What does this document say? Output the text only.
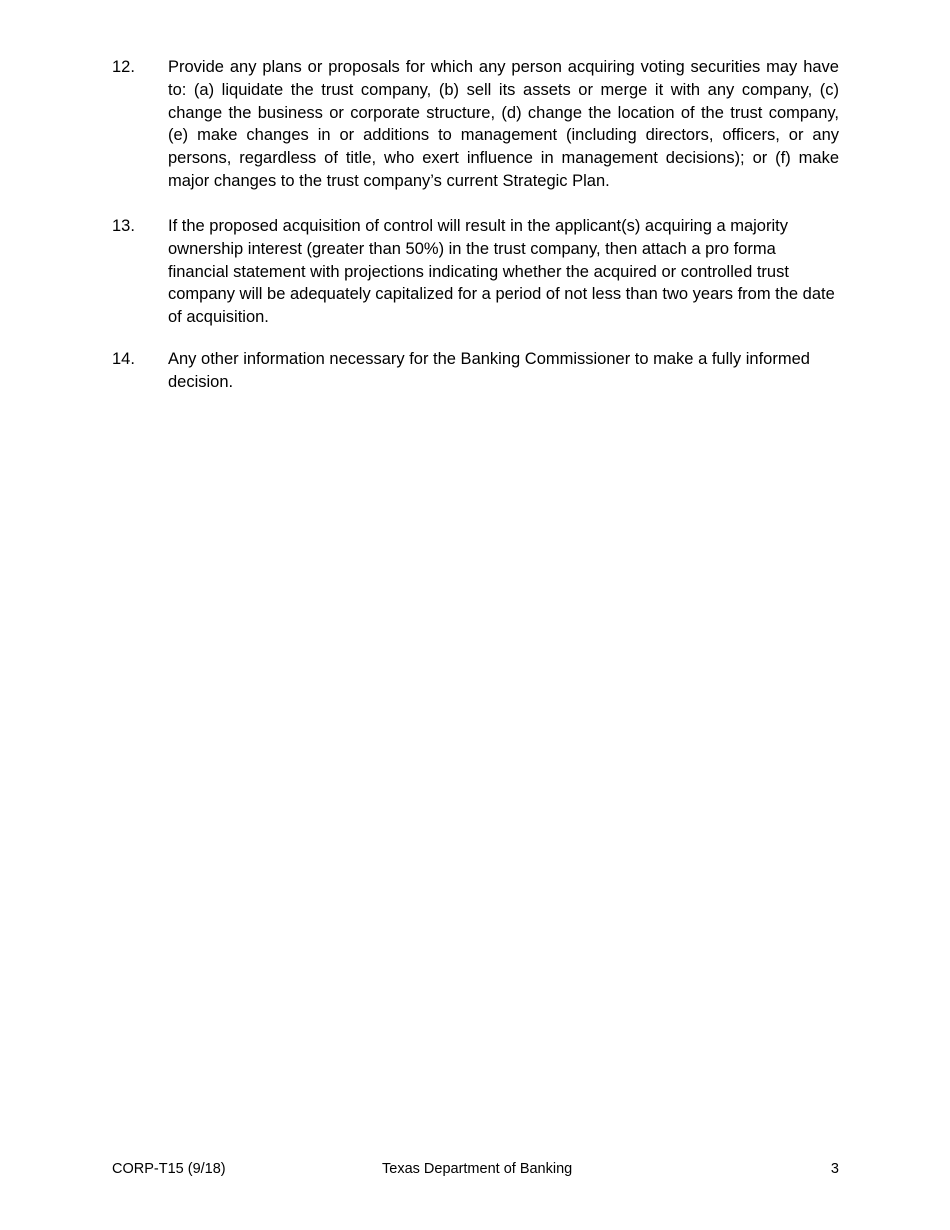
12.	Provide any plans or proposals for which any person acquiring voting securities may have to: (a) liquidate the trust company, (b) sell its assets or merge it with any company, (c) change the business or corporate structure, (d) change the location of the trust company, (e) make changes in or additions to management (including directors, officers, or any persons, regardless of title, who exert influence in management decisions); or (f) make major changes to the trust company’s current Strategic Plan.
13.	If the proposed acquisition of control will result in the applicant(s) acquiring a majority ownership interest (greater than 50%) in the trust company, then attach a pro forma financial statement with projections indicating whether the acquired or controlled trust company will be adequately capitalized for a period of not less than two years from the date of acquisition.
14.	Any other information necessary for the Banking Commissioner to make a fully informed decision.
CORP-T15 (9/18)	Texas Department of Banking	3
